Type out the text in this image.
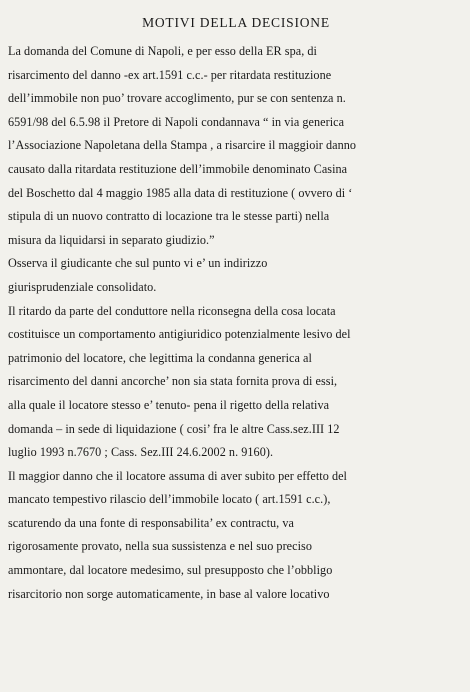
MOTIVI DELLA DECISIONE
La domanda del Comune di Napoli, e per esso della ER spa, di
risarcimento del danno -ex art.1591 c.c.- per ritardata restituzione
dell’immobile non puo’ trovare accoglimento, pur se con sentenza n.
6591/98 del 6.5.98 il Pretore di Napoli condannava “ in via generica
l’Associazione Napoletana della Stampa , a risarcire il maggioir danno
causato dalla ritardata restituzione dell’immobile denominato Casina
del Boschetto dal 4 maggio 1985 alla data di restituzione ( ovvero di ‘
stipula di un nuovo contratto di locazione tra le stesse parti) nella
misura da liquidarsi in separato giudizio.”
Osserva il giudicante che sul punto vi e’ un indirizzo
giurisprudenziale consolidato.
Il ritardo da parte del conduttore nella riconsegna della cosa locata
costituisce un comportamento antigiuridico potenzialmente lesivo del
patrimonio del locatore, che legittima la condanna generica al
risarcimento del danni ancorche’ non sia stata fornita prova di essi,
alla quale il locatore stesso e’ tenuto- pena il rigetto della relativa
domanda – in sede di liquidazione ( cosi’ fra le altre Cass.sez.III 12
luglio 1993 n.7670 ; Cass. Sez.III 24.6.2002 n. 9160).
Il maggior danno che il locatore assuma di aver subito per effetto del
mancato tempestivo rilascio dell’immobile locato ( art.1591 c.c.),
scaturendo da una fonte di responsabilita’ ex contractu, va
rigorosamente provato, nella sua sussistenza e nel suo preciso
ammontare, dal locatore medesimo, sul presupposto che l’obbligo
risarcitorio non sorge automaticamente, in base al valore locativo
